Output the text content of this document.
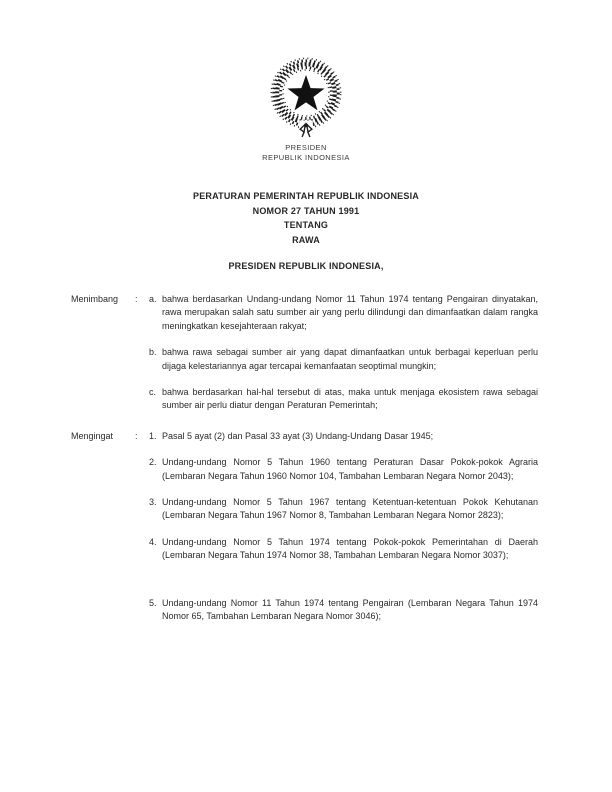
PRESIDEN
REPUBLIK INDONESIA
PERATURAN PEMERINTAH REPUBLIK INDONESIA
NOMOR 27 TAHUN 1991
TENTANG
RAWA
PRESIDEN REPUBLIK INDONESIA,
Menimbang	:	a. bahwa berdasarkan Undang-undang Nomor 11 Tahun 1974 tentang Pengairan dinyatakan, rawa merupakan salah satu sumber air yang perlu dilindungi dan dimanfaatkan dalam rangka meningkatkan kesejahteraan rakyat;
b. bahwa rawa sebagai sumber air yang dapat dimanfaatkan untuk berbagai keperluan perlu dijaga kelestariannya agar tercapai kemanfaatan seoptimal mungkin;
c. bahwa berdasarkan hal-hal tersebut di atas, maka untuk menjaga ekosistem rawa sebagai sumber air perlu diatur dengan Peraturan Pemerintah;
Mengingat	:	1. Pasal 5 ayat (2) dan Pasal 33 ayat (3) Undang-Undang Dasar 1945;
2. Undang-undang Nomor 5 Tahun 1960 tentang Peraturan Dasar Pokok-pokok Agraria (Lembaran Negara Tahun 1960 Nomor 104, Tambahan Lembaran Negara Nomor 2043);
3. Undang-undang Nomor 5 Tahun 1967 tentang Ketentuan-ketentuan Pokok Kehutanan (Lembaran Negara Tahun 1967 Nomor 8, Tambahan Lembaran Negara Nomor 2823);
4. Undang-undang Nomor 5 Tahun 1974 tentang Pokok-pokok Pemerintahan di Daerah (Lembaran Negara Tahun 1974 Nomor 38, Tambahan Lembaran Negara Nomor 3037);
5. Undang-undang Nomor 11 Tahun 1974 tentang Pengairan (Lembaran Negara Tahun 1974 Nomor 65, Tambahan Lembaran Negara Nomor 3046);
